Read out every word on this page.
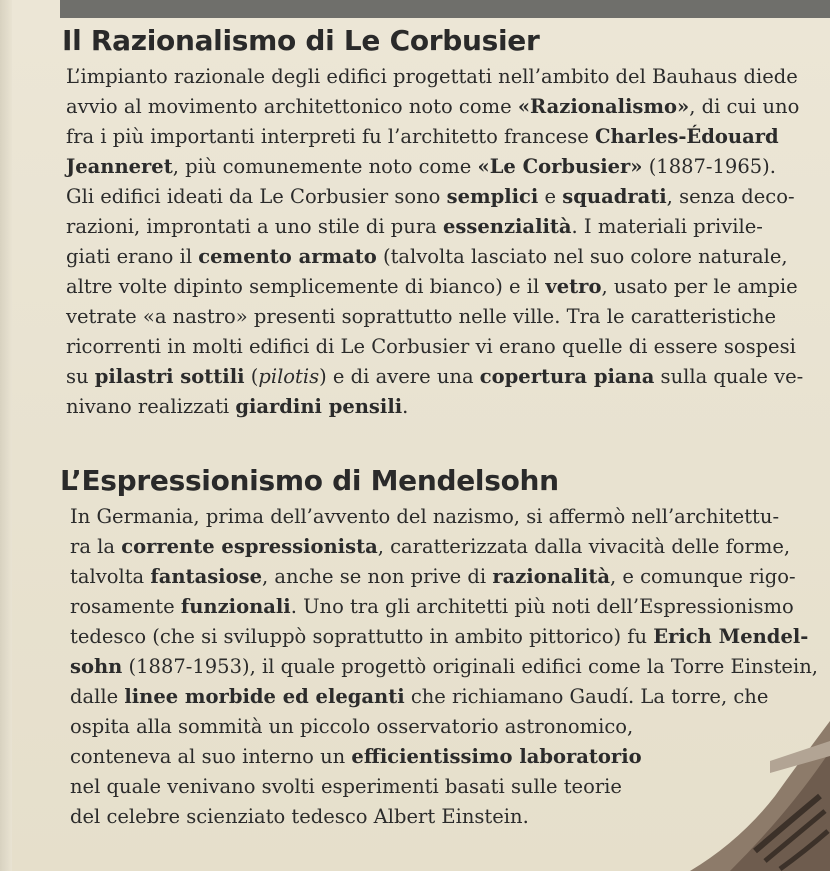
Il Razionalismo di Le Corbusier
L’impianto razionale degli edifici progettati nell’ambito del Bauhaus diede
avvio al movimento architettonico noto come «Razionalismo», di cui uno
fra i più importanti interpreti fu l’architetto francese Charles-Édouard
Jeanneret, più comunemente noto come «Le Corbusier» (1887-1965).
Gli edifici ideati da Le Corbusier sono semplici e squadrati, senza deco-
razioni, improntati a uno stile di pura essenzialità. I materiali privile-
giati erano il cemento armato (talvolta lasciato nel suo colore naturale,
altre volte dipinto semplicemente di bianco) e il vetro, usato per le ampie
vetrate «a nastro» presenti soprattutto nelle ville. Tra le caratteristiche
ricorrenti in molti edifici di Le Corbusier vi erano quelle di essere sospesi
su pilastri sottili (pilotis) e di avere una copertura piana sulla quale ve-
nivano realizzati giardini pensili.
L’Espressionismo di Mendelsohn
In Germania, prima dell’avvento del nazismo, si affermò nell’architettu-
ra la corrente espressionista, caratterizzata dalla vivacità delle forme,
talvolta fantasiose, anche se non prive di razionalità, e comunque rigo-
rosamente funzionali. Uno tra gli architetti più noti dell’Espressionismo
tedesco (che si sviluppò soprattutto in ambito pittorico) fu Erich Mendel-
sohn (1887-1953), il quale progettò originali edifici come la Torre Einstein,
dalle linee morbide ed eleganti che richiamano Gaudí. La torre, che
ospita alla sommità un piccolo osservatorio astronomico,
conteneva al suo interno un efficientissimo laboratorio
nel quale venivano svolti esperimenti basati sulle teorie
del celebre scienziato tedesco Albert Einstein.
